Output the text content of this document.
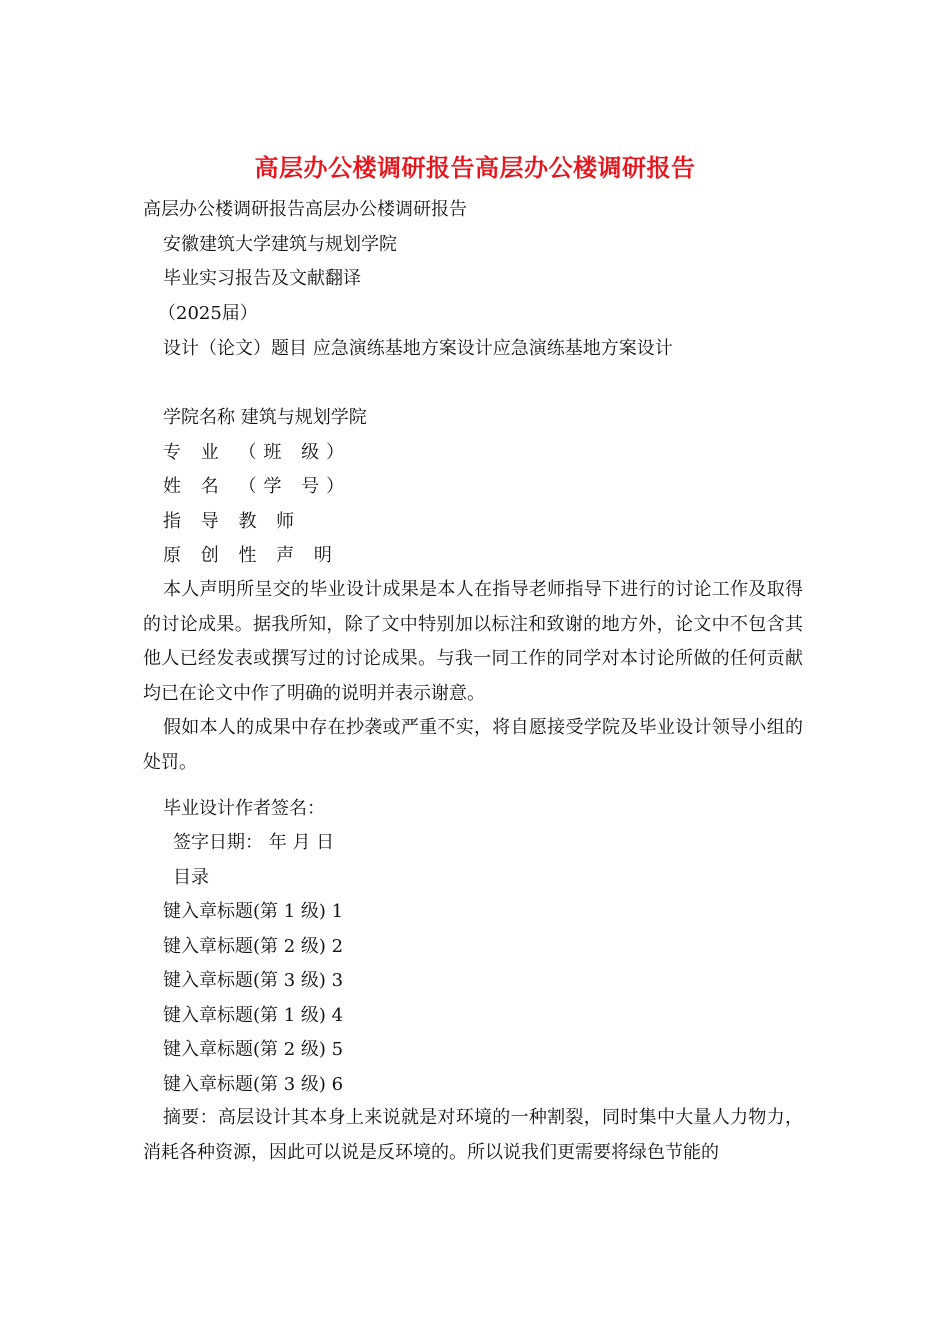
高层办公楼调研报告高层办公楼调研报告
高层办公楼调研报告高层办公楼调研报告
安徽建筑大学建筑与规划学院
毕业实习报告及文献翻译
（2025届）
设计（论文）题目 应急演练基地方案设计应急演练基地方案设计
学院名称 建筑与规划学院
专 业 （班 级）
姓 名 （学 号）
指 导 教 师
原 创 性 声 明
本人声明所呈交的毕业设计成果是本人在指导老师指导下进行的讨论工作及取得的讨论成果。据我所知，除了文中特别加以标注和致谢的地方外，论文中不包含其他人已经发表或撰写过的讨论成果。与我一同工作的同学对本讨论所做的任何贡献均已在论文中作了明确的说明并表示谢意。
假如本人的成果中存在抄袭或严重不实，将自愿接受学院及毕业设计领导小组的处罚。
毕业设计作者签名：
签字日期： 年 月 日
目录
键入章标题(第 1 级) 1
键入章标题(第 2 级) 2
键入章标题(第 3 级) 3
键入章标题(第 1 级) 4
键入章标题(第 2 级) 5
键入章标题(第 3 级) 6
摘要：高层设计其本身上来说就是对环境的一种割裂，同时集中大量人力物力，消耗各种资源，因此可以说是反环境的。所以说我们更需要将绿色节能的
